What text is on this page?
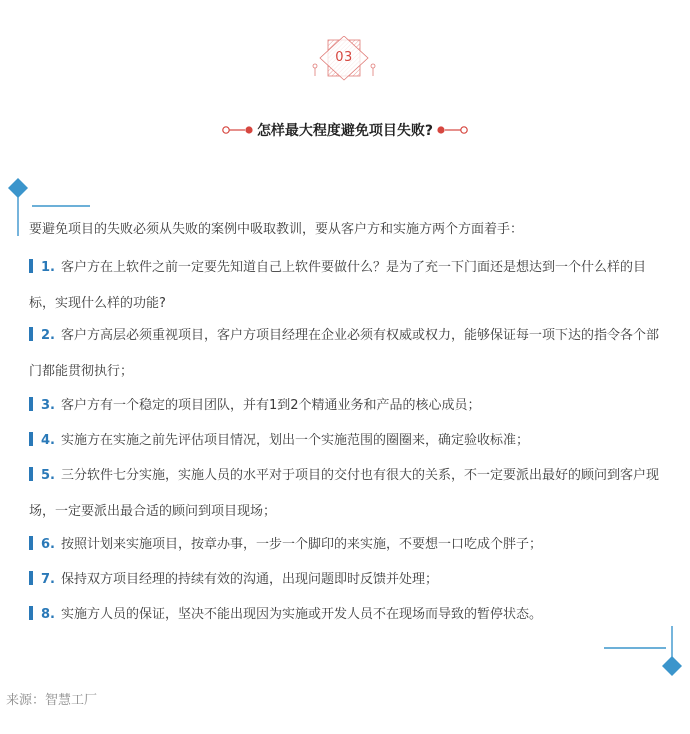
03
怎样最大程度避免项目失败?
要避免项目的失败必须从失败的案例中吸取教训，要从客户方和实施方两个方面着手：
1. 客户方在上软件之前一定要先知道自己上软件要做什么？是为了充一下门面还是想达到一个什么样的目标，实现什么样的功能?
2. 客户方高层必须重视项目，客户方项目经理在企业必须有权威或权力，能够保证每一项下达的指令各个部门都能贯彻执行；
3. 客户方有一个稳定的项目团队，并有1到2个精通业务和产品的核心成员；
4. 实施方在实施之前先评估项目情况，划出一个实施范围的圈圈来，确定验收标准；
5. 三分软件七分实施，实施人员的水平对于项目的交付也有很大的关系，不一定要派出最好的顾问到客户现场，一定要派出最合适的顾问到项目现场；
6. 按照计划来实施项目，按章办事，一步一个脚印的来实施，不要想一口吃成个胖子；
7. 保持双方项目经理的持续有效的沟通，出现问题即时反馈并处理；
8. 实施方人员的保证，坚决不能出现因为实施或开发人员不在现场而导致的暂停状态。
来源：智慧工厂
